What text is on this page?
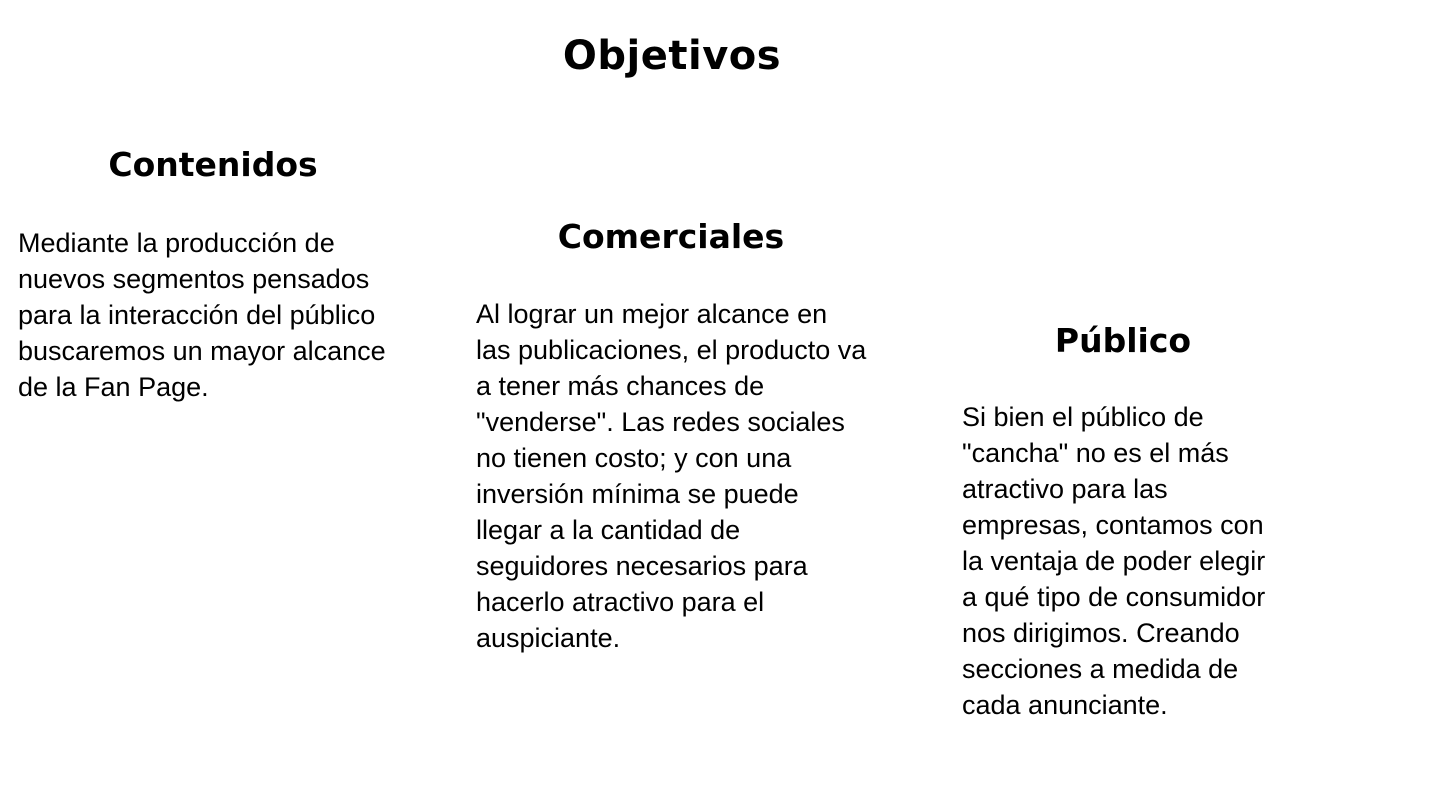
Objetivos
Contenidos

Mediante la producción de nuevos segmentos pensados para la interacción del público buscaremos un mayor alcance de la Fan Page.

Comerciales

Al lograr un mejor alcance en las publicaciones, el producto va a tener más chances de "venderse". Las redes sociales no tienen costo; y con una inversión mínima se puede llegar a la cantidad de seguidores necesarios para hacerlo atractivo para el auspiciante.

Público

Si bien el público de "cancha" no es el más atractivo para las empresas, contamos con la ventaja de poder elegir a qué tipo de consumidor nos dirigimos. Creando secciones a medida de cada anunciante.
